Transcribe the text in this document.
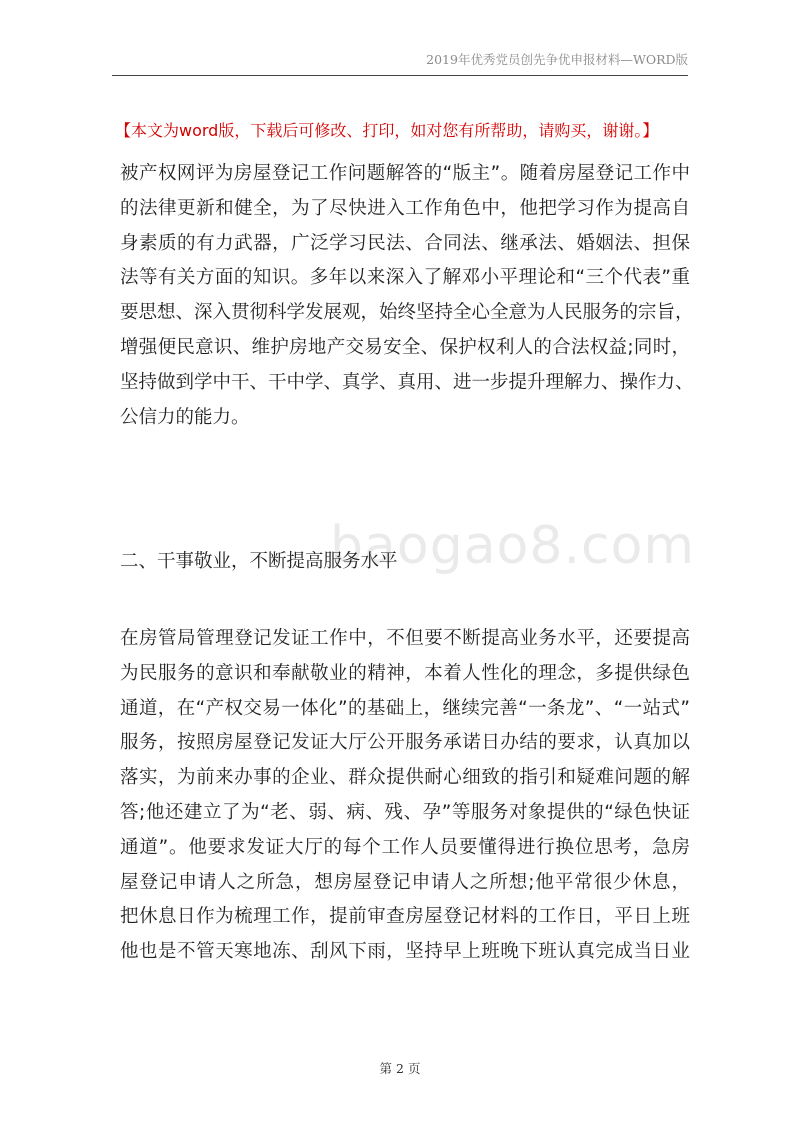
2019年优秀党员创先争优申报材料—WORD版
【本文为word版，下载后可修改、打印，如对您有所帮助，请购买，谢谢。】

被产权网评为房屋登记工作问题解答的“版主”。随着房屋登记工作中
的法律更新和健全，为了尽快进入工作角色中，他把学习作为提高自
身素质的有力武器，广泛学习民法、合同法、继承法、婚姻法、担保
法等有关方面的知识。多年以来深入了解邓小平理论和“三个代表”重
要思想、深入贯彻科学发展观，始终坚持全心全意为人民服务的宗旨，
增强便民意识、维护房地产交易安全、保护权利人的合法权益;同时，
坚持做到学中干、干中学、真学、真用、进一步提升理解力、操作力、
公信力的能力。

baogao8.com
二、干事敬业，不断提高服务水平

在房管局管理登记发证工作中，不但要不断提高业务水平，还要提高
为民服务的意识和奉献敬业的精神，本着人性化的理念，多提供绿色
通道，在“产权交易一体化”的基础上，继续完善“一条龙”、“一站式”
服务，按照房屋登记发证大厅公开服务承诺日办结的要求，认真加以
落实，为前来办事的企业、群众提供耐心细致的指引和疑难问题的解
答;他还建立了为“老、弱、病、残、孕”等服务对象提供的“绿色快证
通道”。他要求发证大厅的每个工作人员要懂得进行换位思考，急房
屋登记申请人之所急，想房屋登记申请人之所想;他平常很少休息，
把休息日作为梳理工作，提前审查房屋登记材料的工作日，平日上班
他也是不管天寒地冻、刮风下雨，坚持早上班晚下班认真完成当日业

第 2 页
